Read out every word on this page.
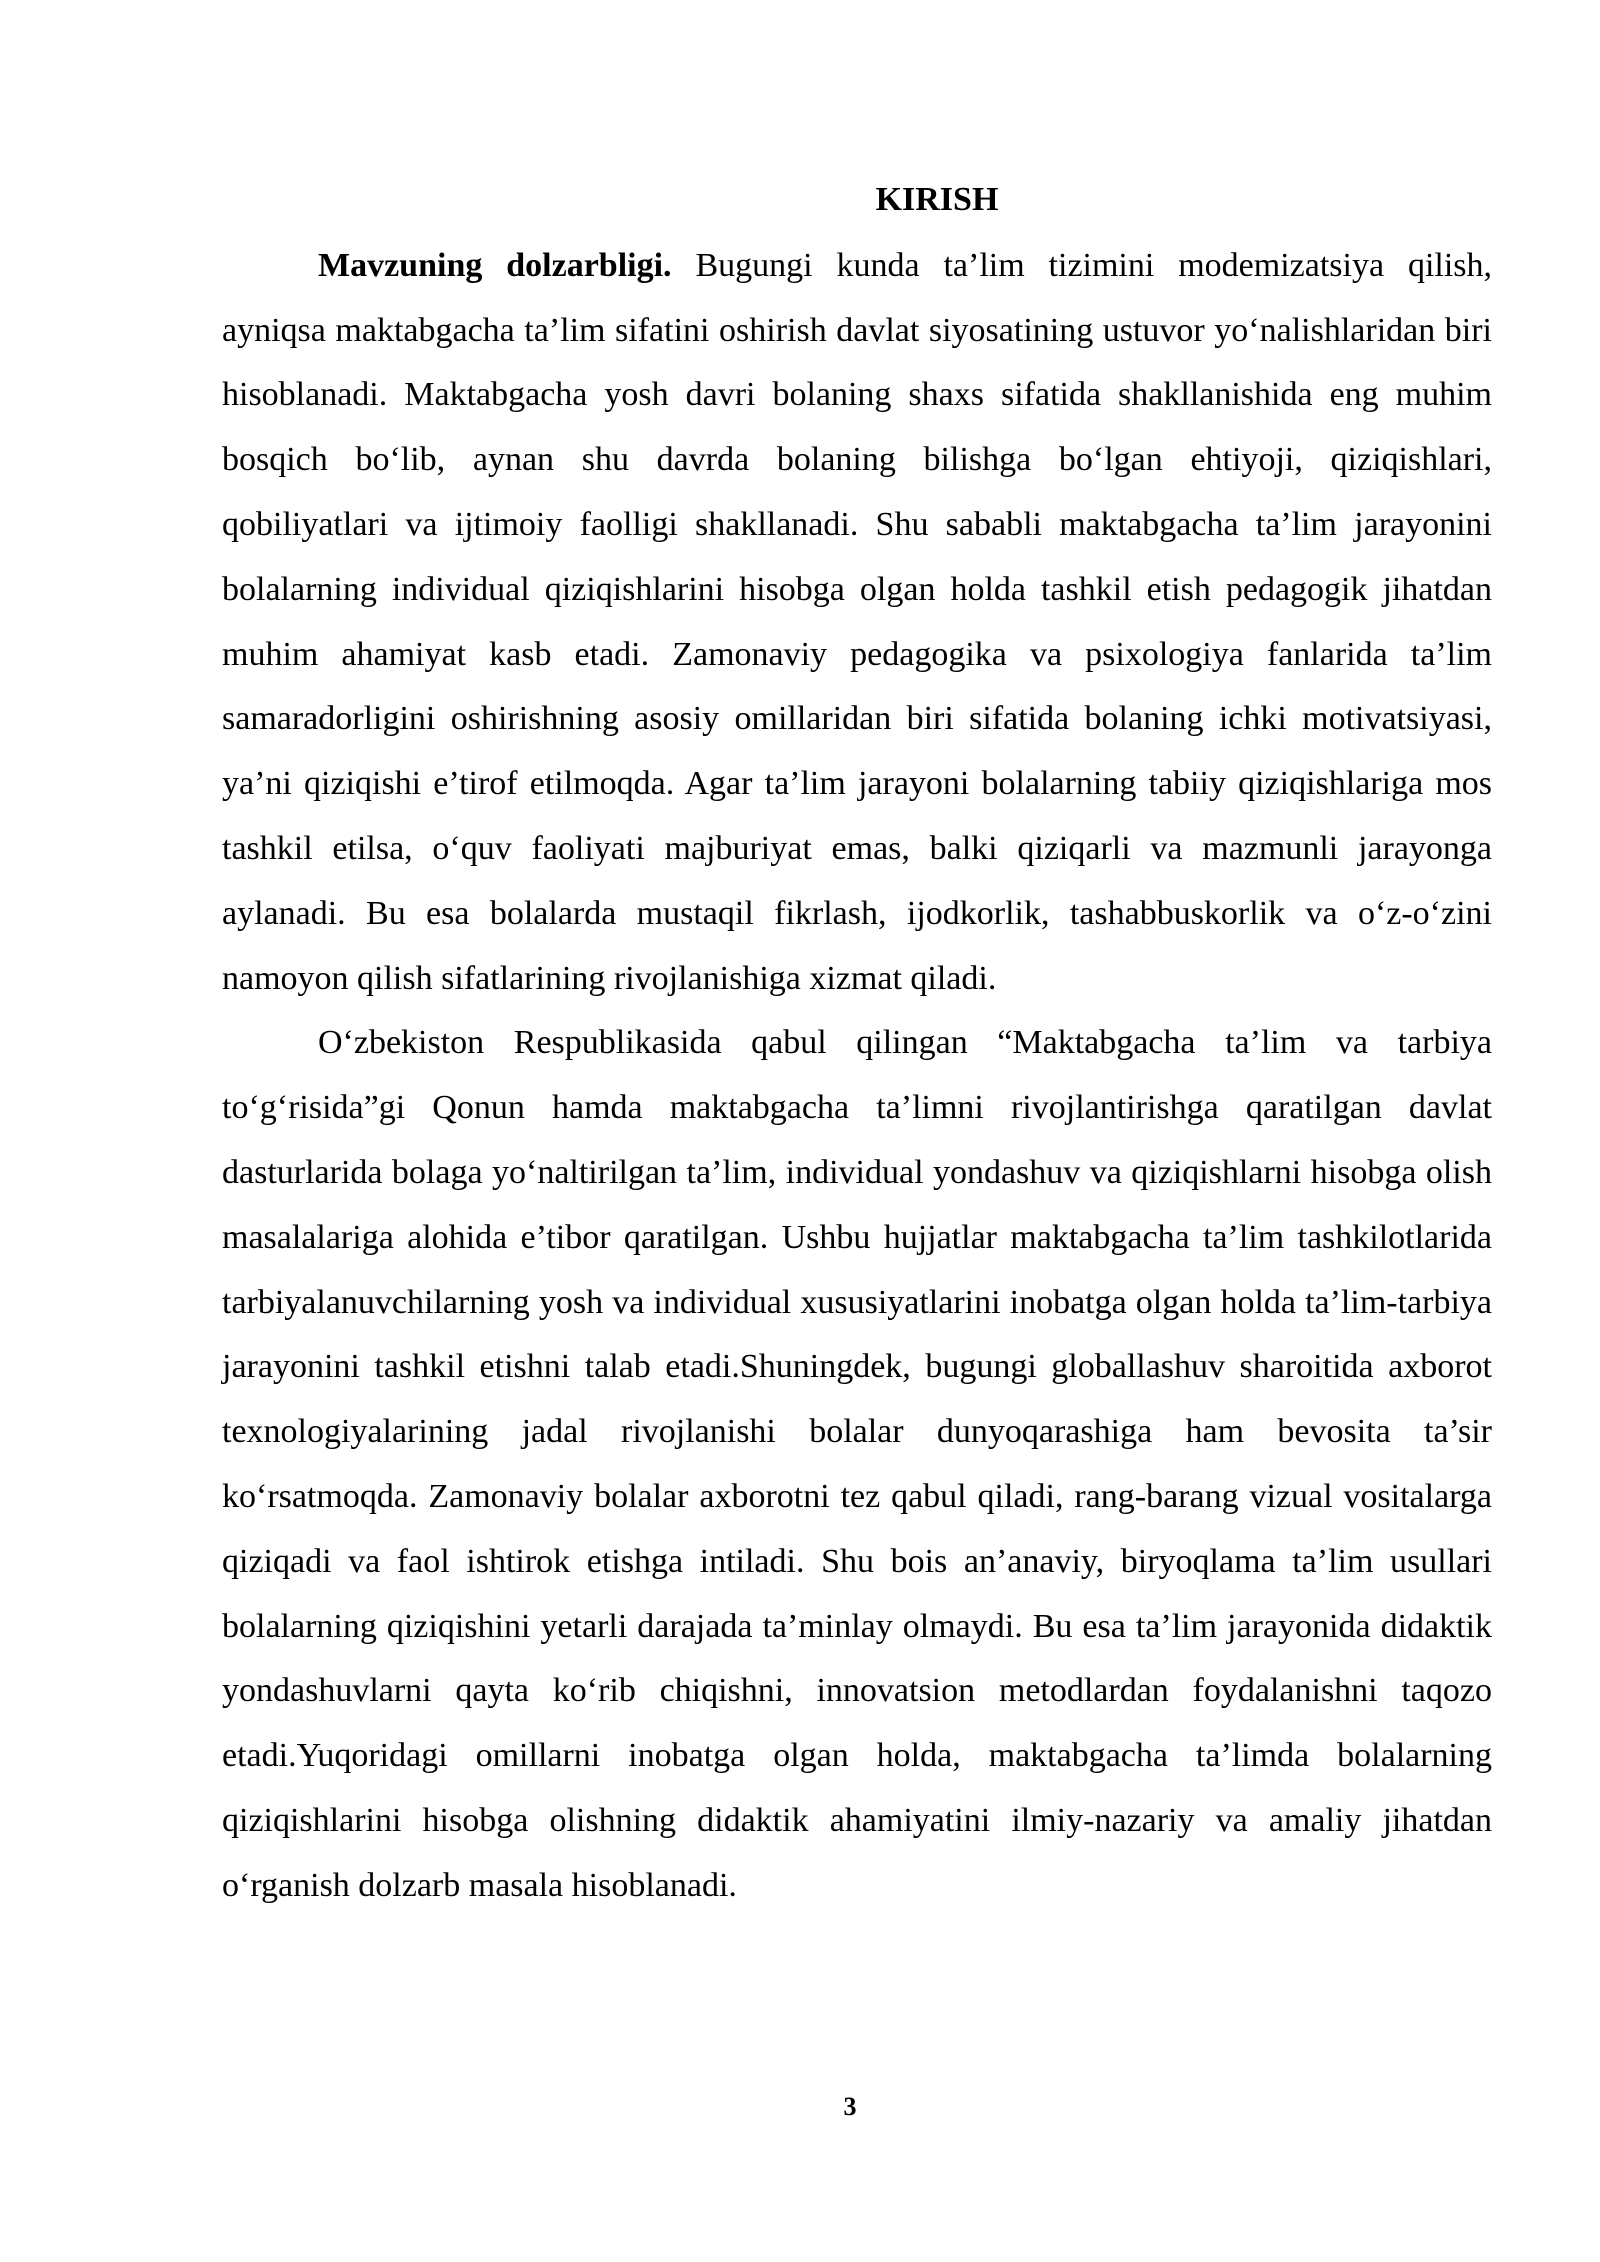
KIRISH

Mavzuning dolzarbligi. Bugungi kunda ta’lim tizimini modemizatsiya qilish, ayniqsa maktabgacha ta’lim sifatini oshirish davlat siyosatining ustuvor yo‘nalishlaridan biri hisoblanadi. Maktabgacha yosh davri bolaning shaxs sifatida shakllanishida eng muhim bosqich bo‘lib, aynan shu davrda bolaning bilishga bo‘lgan ehtiyoji, qiziqishlari, qobiliyatlari va ijtimoiy faolligi shakllanadi. Shu sababli maktabgacha ta’lim jarayonini bolalarning individual qiziqishlarini hisobga olgan holda tashkil etish pedagogik jihatdan muhim ahamiyat kasb etadi. Zamonaviy pedagogika va psixologiya fanlarida ta’lim samaradorligini oshirishning asosiy omillaridan biri sifatida bolaning ichki motivatsiyasi, ya’ni qiziqishi e’tirof etilmoqda. Agar ta’lim jarayoni bolalarning tabiiy qiziqishlariga mos tashkil etilsa, o‘quv faoliyati majburiyat emas, balki qiziqarli va mazmunli jarayonga aylanadi. Bu esa bolalarda mustaqil fikrlash, ijodkorlik, tashabbuskorlik va o‘z-o‘zini namoyon qilish sifatlarining rivojlanishiga xizmat qiladi.

O‘zbekiston Respublikasida qabul qilingan “Maktabgacha ta’lim va tarbiya to‘g‘risida”gi Qonun hamda maktabgacha ta’limni rivojlantirishga qaratilgan davlat dasturlarida bolaga yo‘naltirilgan ta’lim, individual yondashuv va qiziqishlarni hisobga olish masalalariga alohida e’tibor qaratilgan. Ushbu hujjatlar maktabgacha ta’lim tashkilotlarida tarbiyalanuvchilarning yosh va individual xususiyatlarini inobatga olgan holda ta’lim-tarbiya jarayonini tashkil etishni talab etadi.Shuningdek, bugungi globallashuv sharoitida axborot texnologiyalarining jadal rivojlanishi bolalar dunyoqarashiga ham bevosita ta’sir ko‘rsatmoqda. Zamonaviy bolalar axborotni tez qabul qiladi, rang-barang vizual vositalarga qiziqadi va faol ishtirok etishga intiladi. Shu bois an’anaviy, biryoqlama ta’lim usullari bolalarning qiziqishini yetarli darajada ta’minlay olmaydi. Bu esa ta’lim jarayonida didaktik yondashuvlarni qayta ko‘rib chiqishni, innovatsion metodlardan foydalanishni taqozo etadi.Yuqoridagi omillarni inobatga olgan holda, maktabgacha ta’limda bolalarning qiziqishlarini hisobga olishning didaktik ahamiyatini ilmiy-nazariy va amaliy jihatdan o‘rganish dolzarb masala hisoblanadi.

3
